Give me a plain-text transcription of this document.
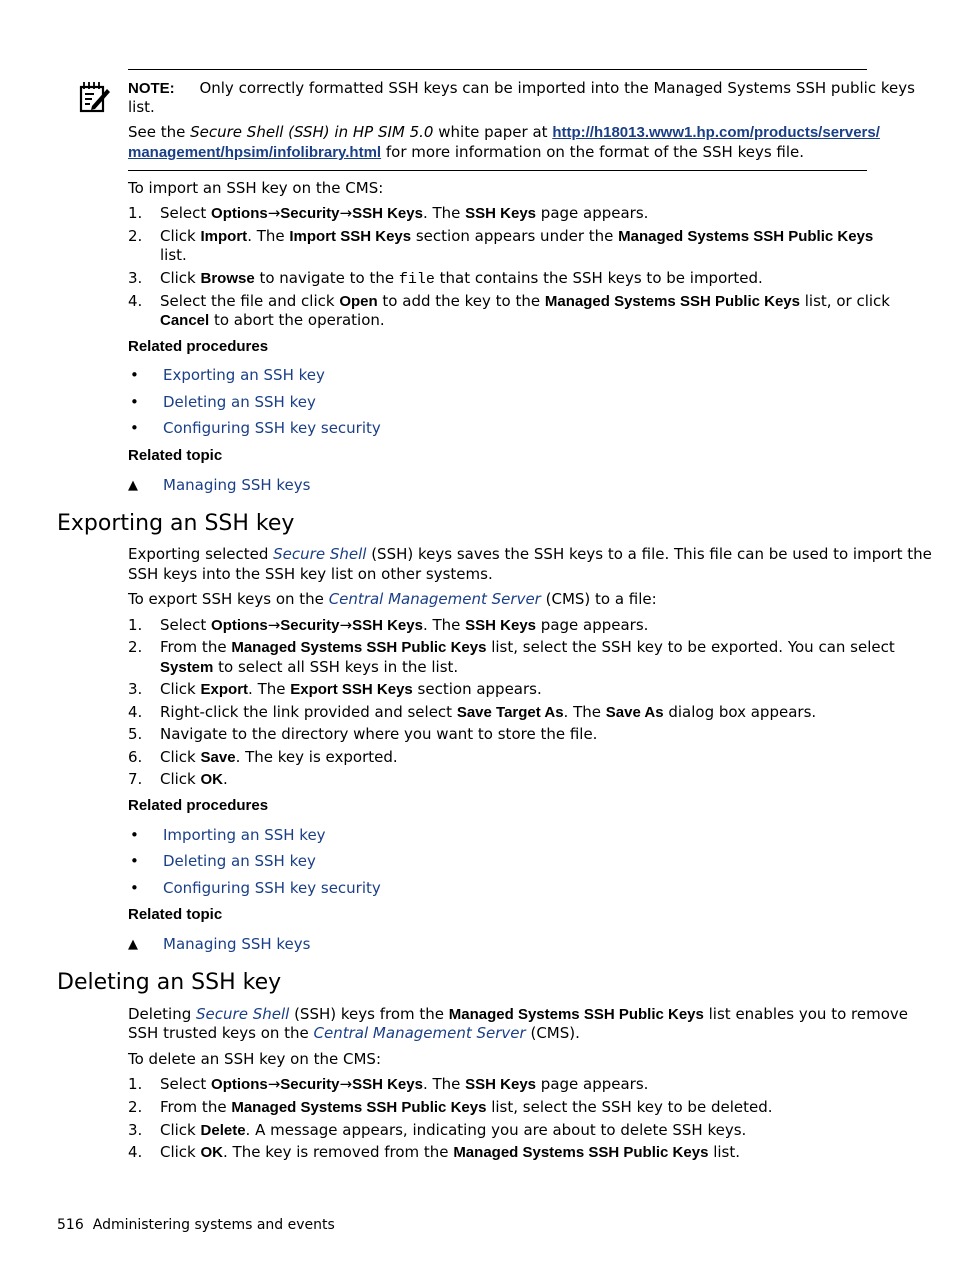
NOTE: Only correctly formatted SSH keys can be imported into the Managed Systems SSH public keys
list.
See the Secure Shell (SSH) in HP SIM 5.0 white paper at http://h18013.www1.hp.com/products/servers/
management/hpsim/infolibrary.html for more information on the format of the SSH keys file.
To import an SSH key on the CMS:
1. Select Options→Security→SSH Keys. The SSH Keys page appears.
2. Click Import. The Import SSH Keys section appears under the Managed Systems SSH Public Keys
list.
3. Click Browse to navigate to the file that contains the SSH keys to be imported.
4. Select the file and click Open to add the key to the Managed Systems SSH Public Keys list, or click
Cancel to abort the operation.
Related procedures
• Exporting an SSH key
• Deleting an SSH key
• Configuring SSH key security
Related topic
▲ Managing SSH keys
Exporting an SSH key
Exporting selected Secure Shell (SSH) keys saves the SSH keys to a file. This file can be used to import the
SSH keys into the SSH key list on other systems.
To export SSH keys on the Central Management Server (CMS) to a file:
1. Select Options→Security→SSH Keys. The SSH Keys page appears.
2. From the Managed Systems SSH Public Keys list, select the SSH key to be exported. You can select
System to select all SSH keys in the list.
3. Click Export. The Export SSH Keys section appears.
4. Right-click the link provided and select Save Target As. The Save As dialog box appears.
5. Navigate to the directory where you want to store the file.
6. Click Save. The key is exported.
7. Click OK.
Related procedures
• Importing an SSH key
• Deleting an SSH key
• Configuring SSH key security
Related topic
▲ Managing SSH keys
Deleting an SSH key
Deleting Secure Shell (SSH) keys from the Managed Systems SSH Public Keys list enables you to remove
SSH trusted keys on the Central Management Server (CMS).
To delete an SSH key on the CMS:
1. Select Options→Security→SSH Keys. The SSH Keys page appears.
2. From the Managed Systems SSH Public Keys list, select the SSH key to be deleted.
3. Click Delete. A message appears, indicating you are about to delete SSH keys.
4. Click OK. The key is removed from the Managed Systems SSH Public Keys list.
516 Administering systems and events
